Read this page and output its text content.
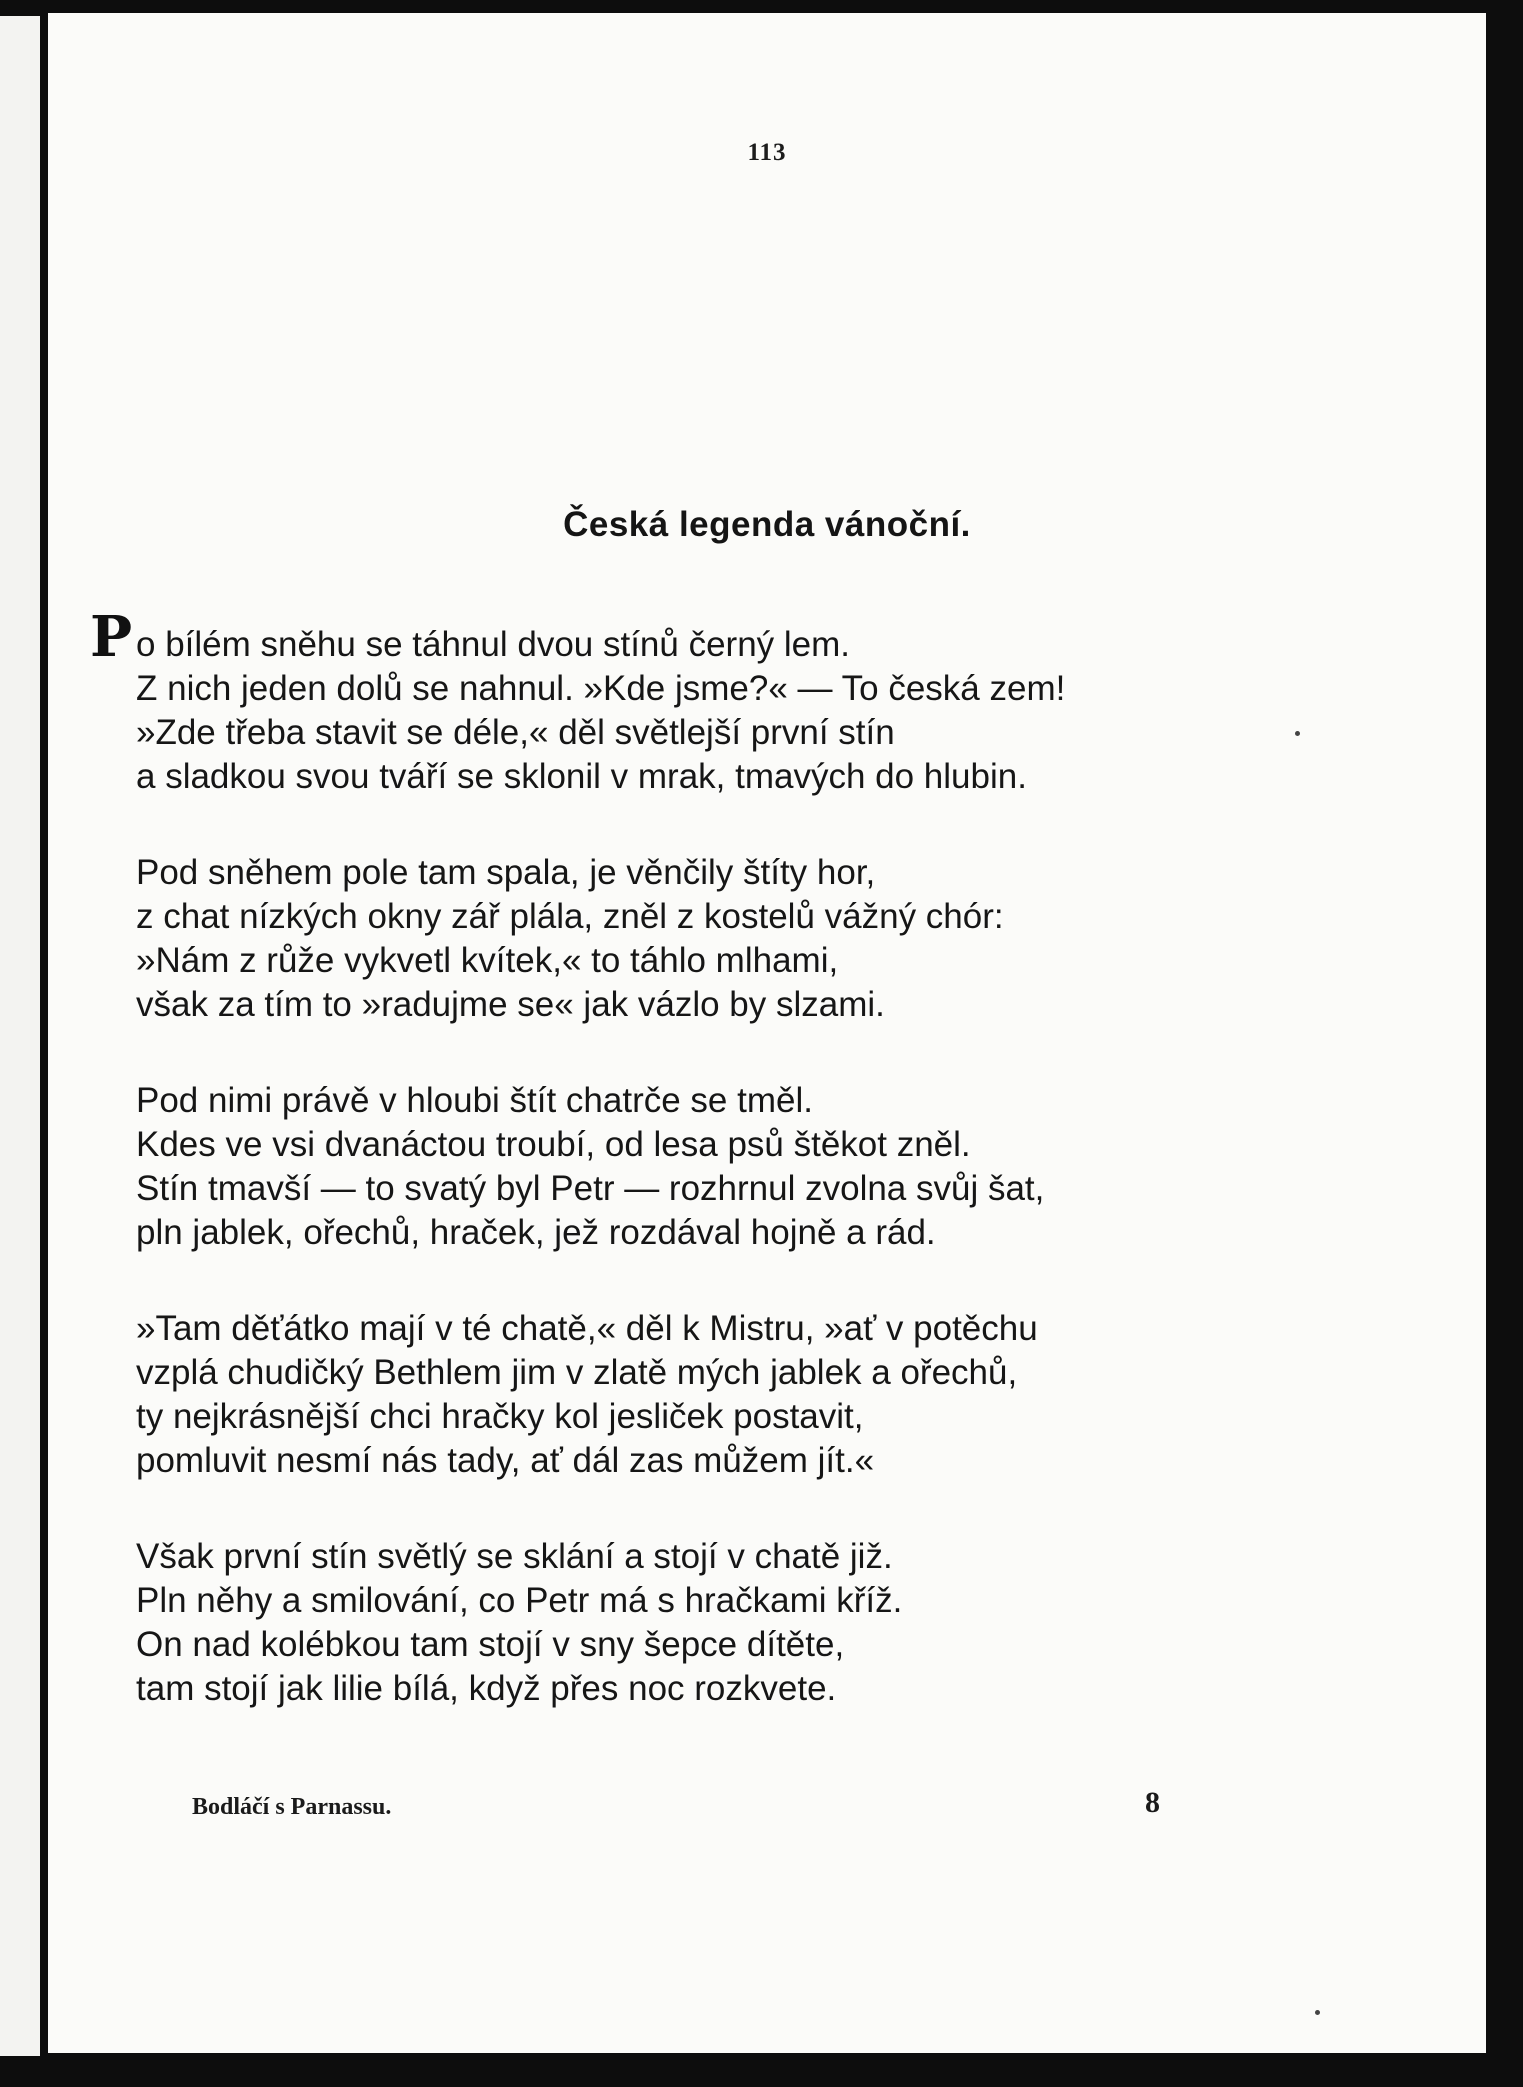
113
Česká legenda vánoční.
P o bílém sněhu se táhnul dvou stínů černý lem.
Z nich jeden dolů se nahnul. »Kde jsme?« — To česká zem!
»Zde třeba stavit se déle,« děl světlejší první stín
a sladkou svou tváří se sklonil v mrak, tmavých do hlubin.
Pod sněhem pole tam spala, je věnčily štíty hor,
z chat nízkých okny zář plála, zněl z kostelů vážný chór:
»Nám z růže vykvetl kvítek,« to táhlo mlhami,
však za tím to »radujme se« jak vázlo by slzami.
Pod nimi právě v hloubi štít chatrče se tměl.
Kdes ve vsi dvanáctou troubí, od lesa psů štěkot zněl.
Stín tmavší — to svatý byl Petr — rozhrnul zvolna svůj šat,
pln jablek, ořechů, hraček, jež rozdával hojně a rád.
»Tam děťátko mají v té chatě,« děl k Mistru, »ať v potěchu
vzplá chudičký Bethlem jim v zlatě mých jablek a ořechů,
ty nejkrásnější chci hračky kol jesliček postavit,
pomluvit nesmí nás tady, ať dál zas můžem jít.«
Však první stín světlý se sklání a stojí v chatě již.
Pln něhy a smilování, co Petr má s hračkami kříž.
On nad kolébkou tam stojí v sny šepce dítěte,
tam stojí jak lilie bílá, když přes noc rozkvete.
Bodláčí s Parnassu.	8
